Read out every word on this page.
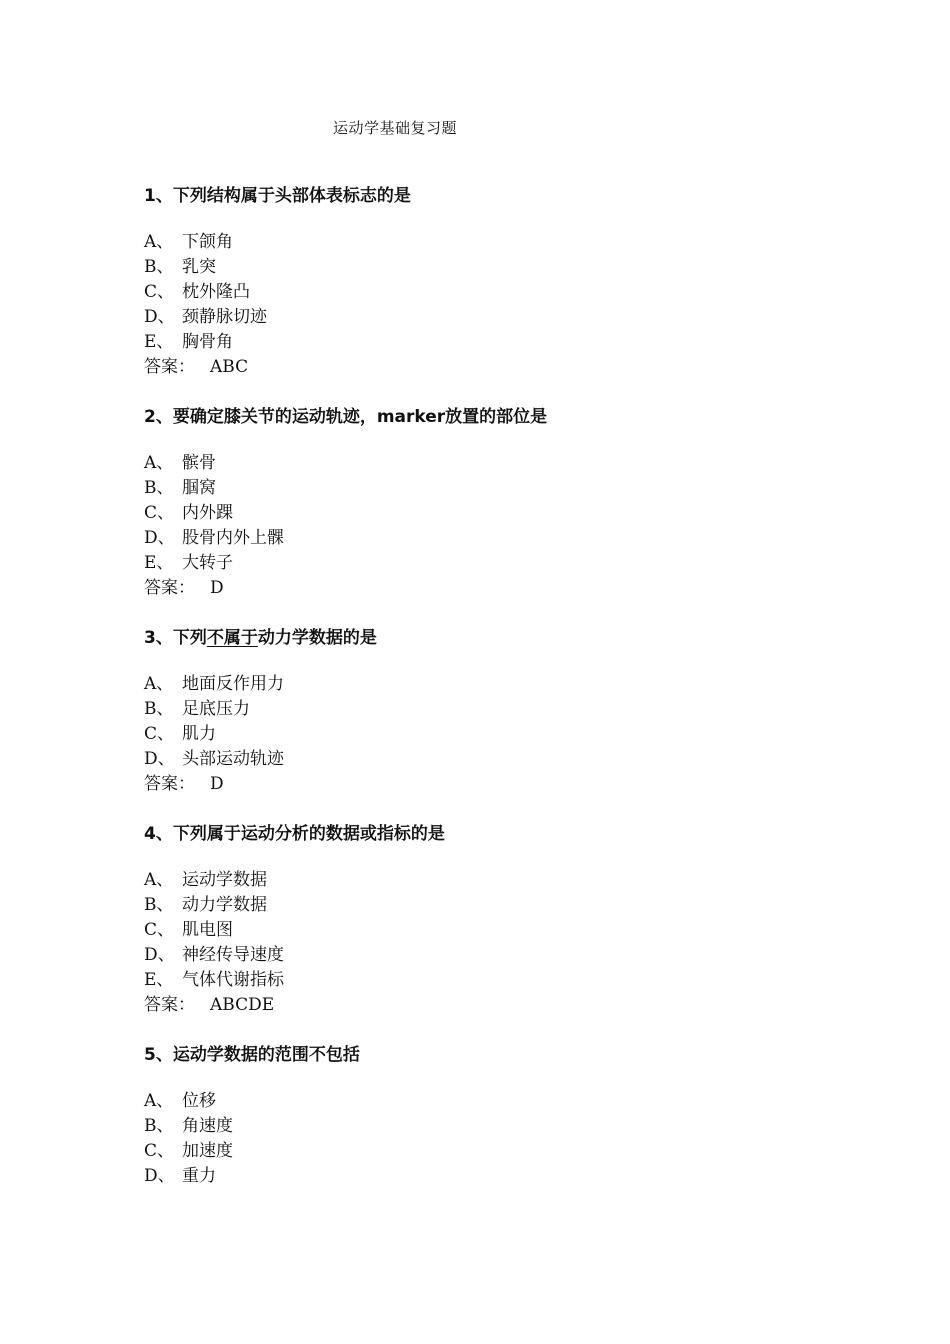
运动学基础复习题
1、下列结构属于头部体表标志的是
A、 下颌角
B、 乳突
C、 枕外隆凸
D、 颈静脉切迹
E、 胸骨角
答案： ABC
2、要确定膝关节的运动轨迹，marker放置的部位是
A、 髌骨
B、 腘窝
C、 内外踝
D、 股骨内外上髁
E、 大转子
答案： D
3、下列不属于动力学数据的是
A、 地面反作用力
B、 足底压力
C、 肌力
D、 头部运动轨迹
答案： D
4、下列属于运动分析的数据或指标的是
A、 运动学数据
B、 动力学数据
C、 肌电图
D、 神经传导速度
E、 气体代谢指标
答案： ABCDE
5、运动学数据的范围不包括
A、 位移
B、 角速度
C、 加速度
D、 重力
